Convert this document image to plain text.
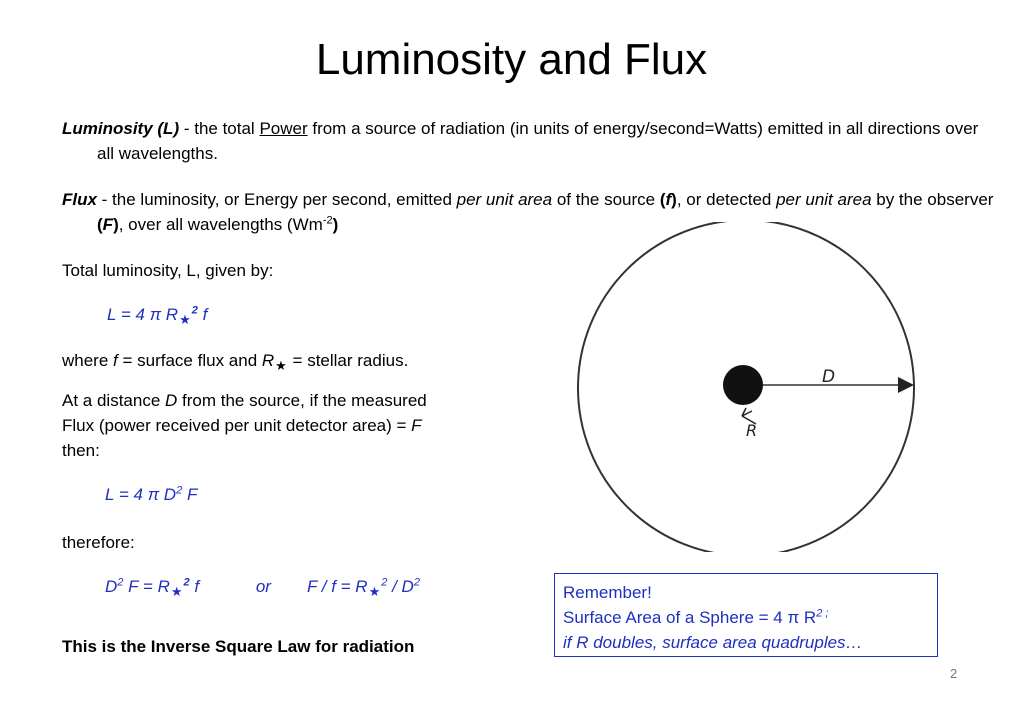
Luminosity and Flux
Luminosity (L) - the total Power from a source of radiation (in units of energy/second=Watts) emitted in all directions over all wavelengths.
Flux - the luminosity, or Energy per second, emitted per unit area of the source (f), or detected per unit area by the observer (F), over all wavelengths $(Wm^{-2})$
Total luminosity, L, given by:
L = 4 π $R_★^2$ f
where f = surface flux and $R_★$ = stellar radius.
At a distance D from the source, if the measured
Flux (power received per unit detector area) = F
then:
L = 4 π $D^2$ F
therefore:
$D^2$ $F = R_★^2$ f	or $F / f = R_★^2 / D^2$
This is the Inverse Square Law for radiation
D
R
Remember!
Surface Area of a Sphere = 4 π $R^{2 ;}$
if R doubles, surface area quadruples…
2
